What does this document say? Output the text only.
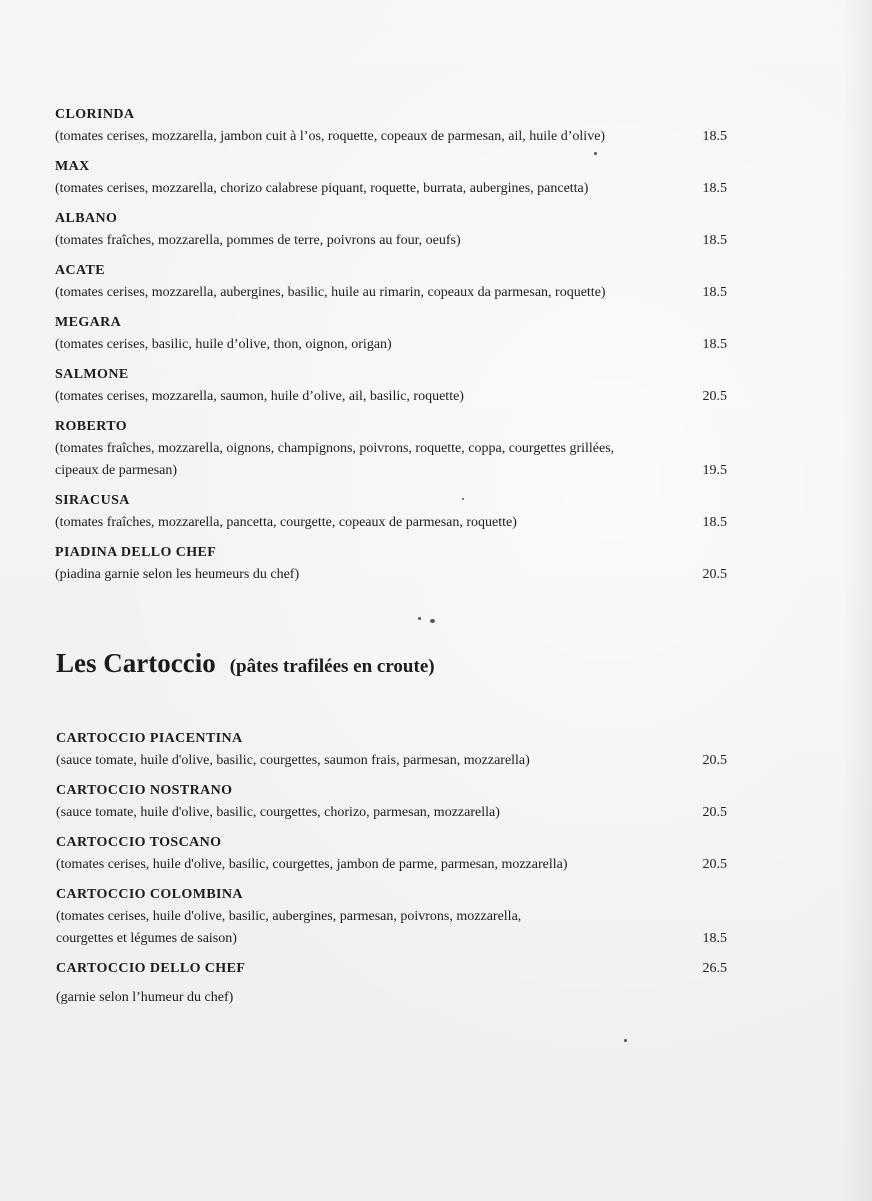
CLORINDA
(tomates cerises, mozzarella, jambon cuit à l’os, roquette, copeaux de parmesan, ail, huile d’olive)	18.5
MAX
(tomates cerises, mozzarella, chorizo calabrese piquant, roquette, burrata, aubergines, pancetta)	18.5
ALBANO
(tomates fraîches, mozzarella, pommes de terre, poivrons au four, oeufs)	18.5
ACATE
(tomates cerises, mozzarella, aubergines, basilic, huile au rimarin, copeaux da parmesan, roquette)	18.5
MEGARA
(tomates cerises, basilic, huile d’olive, thon, oignon, origan)	18.5
SALMONE
(tomates cerises, mozzarella, saumon, huile d’olive, ail, basilic, roquette)	20.5
ROBERTO
(tomates fraîches, mozzarella, oignons, champignons, poivrons, roquette, coppa, courgettes grillées,
cipeaux de parmesan)	19.5
SIRACUSA
(tomates fraîches, mozzarella, pancetta, courgette, copeaux de parmesan, roquette)	18.5
PIADINA DELLO CHEF
(piadina garnie selon les heumeurs du chef)	20.5
Les Cartoccio (pâtes trafilées en croute)
CARTOCCIO PIACENTINA
(sauce tomate, huile d'olive, basilic, courgettes, saumon frais, parmesan, mozzarella)	20.5
CARTOCCIO NOSTRANO
(sauce tomate, huile d'olive, basilic, courgettes, chorizo, parmesan, mozzarella)	20.5
CARTOCCIO TOSCANO
(tomates cerises, huile d'olive, basilic, courgettes, jambon de parme, parmesan, mozzarella)	20.5
CARTOCCIO COLOMBINA
(tomates cerises, huile d'olive, basilic, aubergines, parmesan, poivrons, mozzarella,
courgettes et légumes de saison)	18.5
CARTOCCIO DELLO CHEF	26.5
(garnie selon l’humeur du chef)
